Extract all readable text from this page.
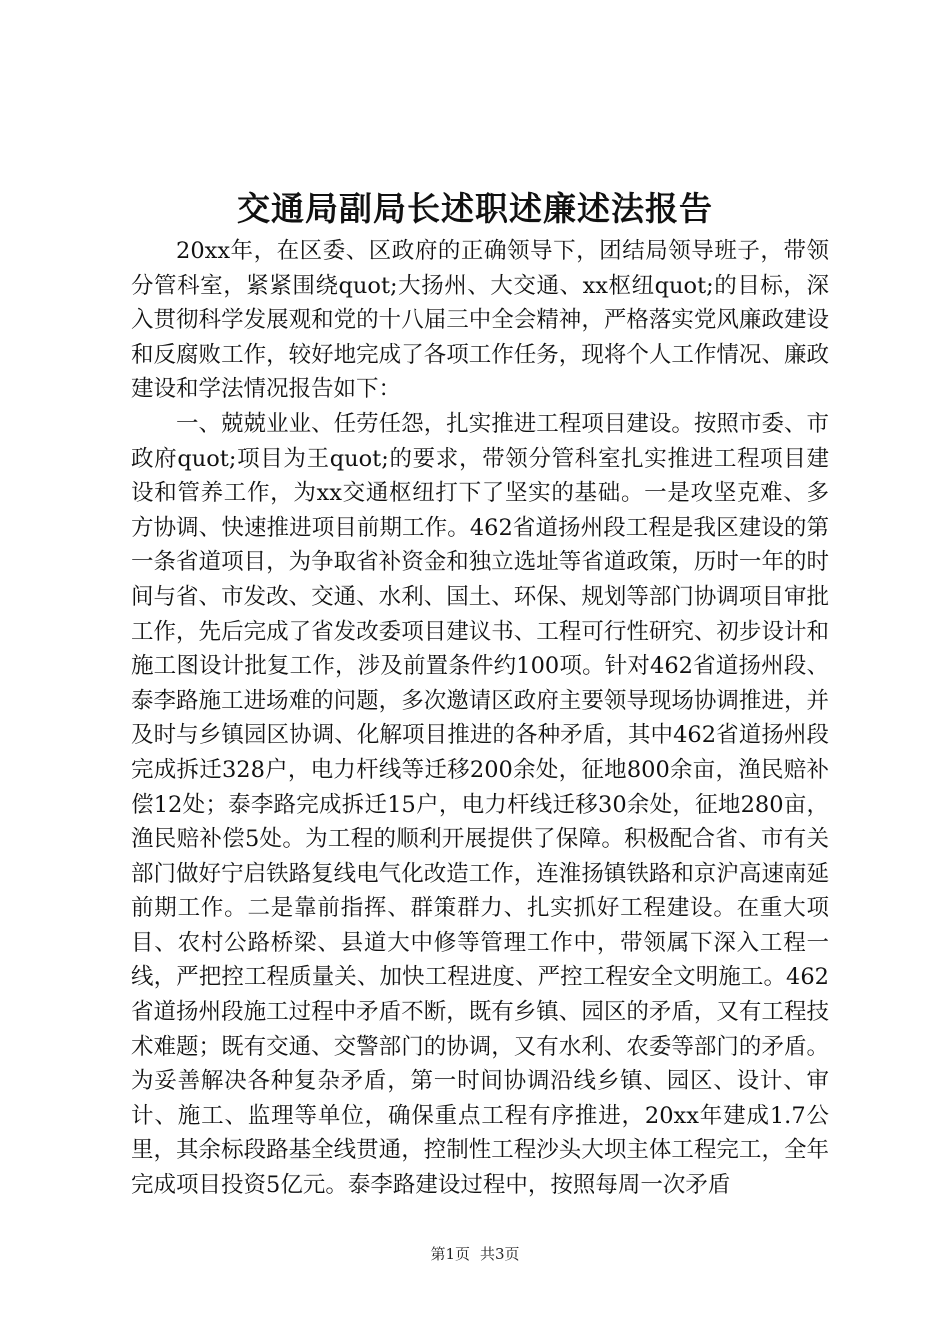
交通局副局长述职述廉述法报告

20xx年，在区委、区政府的正确领导下，团结局领导班子，带领分管科室，紧紧围绕quot;大扬州、大交通、xx枢纽quot;的目标，深入贯彻科学发展观和党的十八届三中全会精神，严格落实党风廉政建设和反腐败工作，较好地完成了各项工作任务，现将个人工作情况、廉政建设和学法情况报告如下：

一、兢兢业业、任劳任怨，扎实推进工程项目建设。按照市委、市政府quot;项目为王quot;的要求，带领分管科室扎实推进工程项目建设和管养工作，为xx交通枢纽打下了坚实的基础。一是攻坚克难、多方协调、快速推进项目前期工作。462省道扬州段工程是我区建设的第一条省道项目，为争取省补资金和独立选址等省道政策，历时一年的时间与省、市发改、交通、水利、国土、环保、规划等部门协调项目审批工作，先后完成了省发改委项目建议书、工程可行性研究、初步设计和施工图设计批复工作，涉及前置条件约100项。针对462省道扬州段、泰李路施工进场难的问题，多次邀请区政府主要领导现场协调推进，并及时与乡镇园区协调、化解项目推进的各种矛盾，其中462省道扬州段完成拆迁328户，电力杆线等迁移200余处，征地800余亩，渔民赔补偿12处；泰李路完成拆迁15户，电力杆线迁移30余处，征地280亩，渔民赔补偿5处。为工程的顺利开展提供了保障。积极配合省、市有关部门做好宁启铁路复线电气化改造工作，连淮扬镇铁路和京沪高速南延前期工作。二是靠前指挥、群策群力、扎实抓好工程建设。在重大项目、农村公路桥梁、县道大中修等管理工作中，带领属下深入工程一线，严把控工程质量关、加快工程进度、严控工程安全文明施工。462省道扬州段施工过程中矛盾不断，既有乡镇、园区的矛盾，又有工程技术难题；既有交通、交警部门的协调，又有水利、农委等部门的矛盾。为妥善解决各种复杂矛盾，第一时间协调沿线乡镇、园区、设计、审计、施工、监理等单位，确保重点工程有序推进，20xx年建成1.7公里，其余标段路基全线贯通，控制性工程沙头大坝主体工程完工，全年完成项目投资5亿元。泰李路建设过程中，按照每周一次矛盾

第1页 共3页
